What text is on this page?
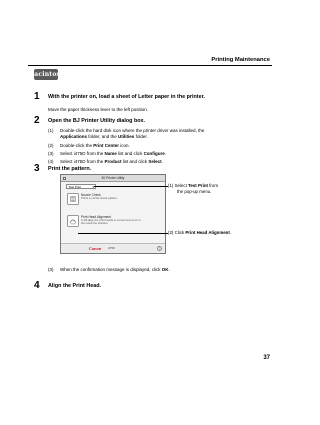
Printing Maintenance
Macintosh
1 With the printer on, load a sheet of Letter paper in the printer.
Move the paper thickness lever to the left position.
2 Open the BJ Printer Utility dialog box.
(1) Double-click the hard disk icon where the printer driver was installed, the
Applications folder, and the Utilities folder.
(2) Double-click the Print Center icon.
(3) Select i475D from the Name list and click Configure.
(4) Select i475D from the Product list and click Select.
3 Print the pattern.
BJ Printer Utility
Test Print	▾
Nozzle Check
Prints a nozzle check pattern.
Print Head Alignment
It will align the print heads to correct any error in the ruled line position.
Canon	i475D	?
(1) Select Test Print from
the pop-up menu.
(2) Click Print Head Alignment.
(3) When the confirmation message is displayed, click OK.
4 Align the Print Head.
37
